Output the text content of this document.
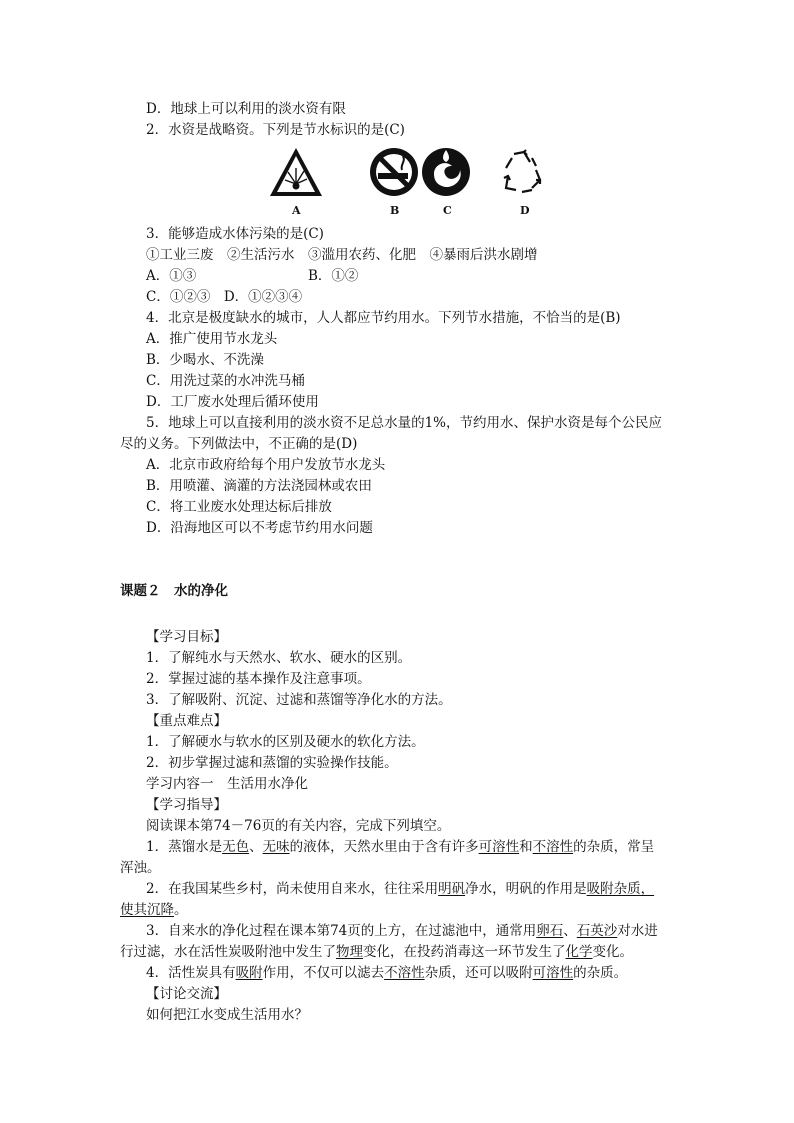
D．地球上可以利用的淡水资有限
2．水资是战略资。下列是节水标识的是(C)
A	B	C	D
3．能够造成水体污染的是(C)
①工业三废　②生活污水　③滥用农药、化肥　④暴雨后洪水剧增
A．①③	B．①②
C．①②③　D．①②③④
4．北京是极度缺水的城市，人人都应节约用水。下列节水措施，不恰当的是(B)
A．推广使用节水龙头
B．少喝水、不洗澡
C．用洗过菜的水冲洗马桶
D．工厂废水处理后循环使用
5．地球上可以直接利用的淡水资不足总水量的1%，节约用水、保护水资是每个公民应
尽的义务。下列做法中，不正确的是(D)
A．北京市政府给每个用户发放节水龙头
B．用喷灌、滴灌的方法浇园林或农田
C．将工业废水处理达标后排放
D．沿海地区可以不考虑节约用水问题
课题２　水的净化
【学习目标】
1．了解纯水与天然水、软水、硬水的区别。
2．掌握过滤的基本操作及注意事项。
3．了解吸附、沉淀、过滤和蒸馏等净化水的方法。
【重点难点】
1．了解硬水与软水的区别及硬水的软化方法。
2．初步掌握过滤和蒸馏的实验操作技能。
学习内容一　生活用水净化
【学习指导】
阅读课本第74－76页的有关内容，完成下列填空。
1．蒸馏水是无色、无味的液体，天然水里由于含有许多可溶性和不溶性的杂质，常呈
浑浊。
2．在我国某些乡村，尚未使用自来水，往往采用明矾净水，明矾的作用是吸附杂质，
使其沉降。
3．自来水的净化过程在课本第74页的上方，在过滤池中，通常用卵石、石英沙对水进
行过滤，水在活性炭吸附池中发生了物理变化，在投药消毒这一环节发生了化学变化。
4．活性炭具有吸附作用，不仅可以滤去不溶性杂质，还可以吸附可溶性的杂质。
【讨论交流】
如何把江水变成生活用水？
